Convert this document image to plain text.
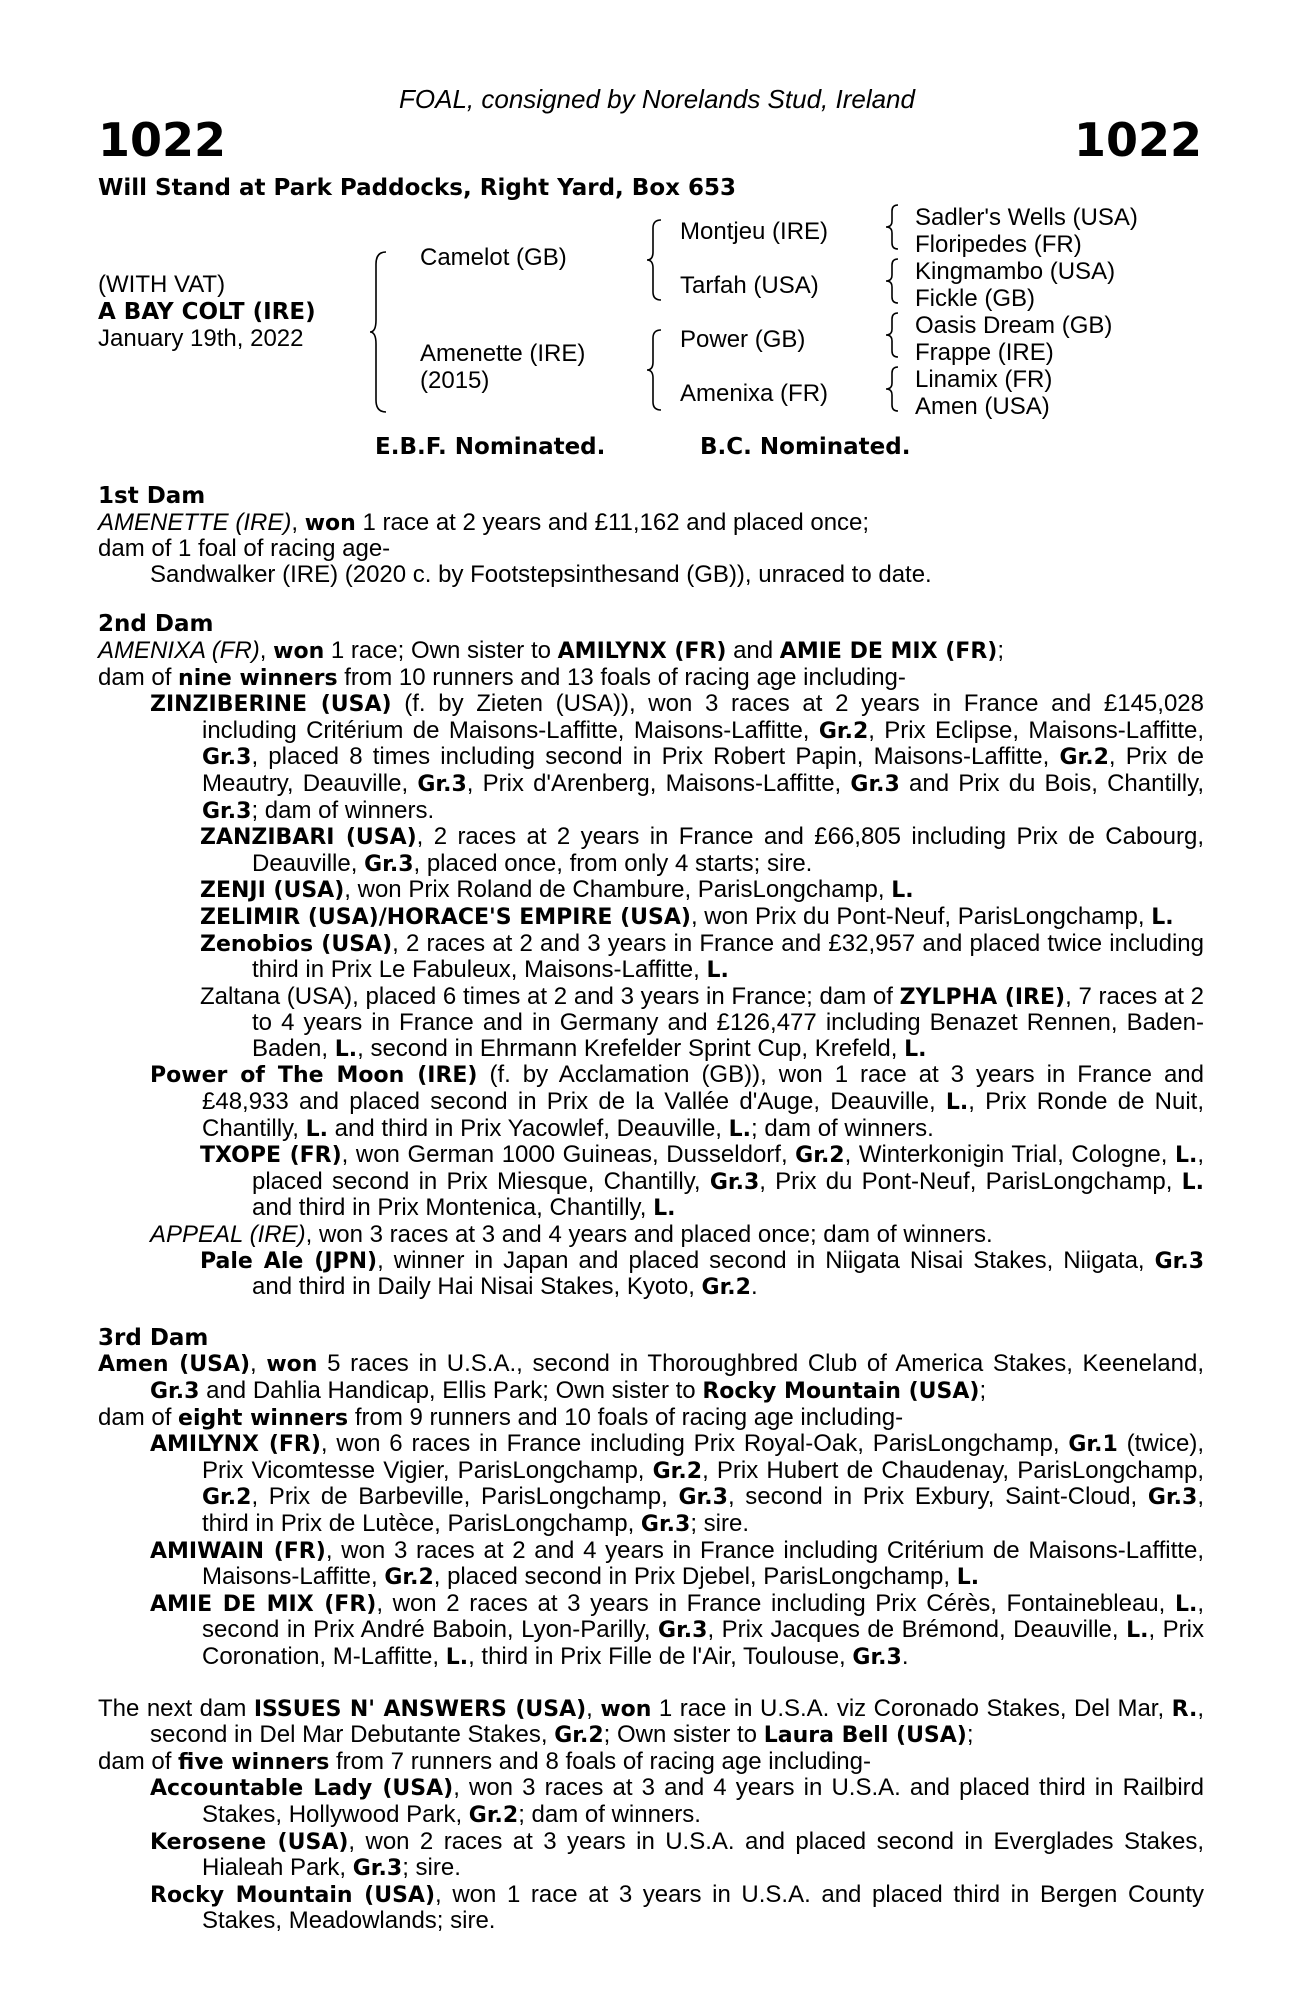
FOAL, consigned by Norelands Stud, Ireland
1022	1022
Will Stand at Park Paddocks, Right Yard, Box 653
(WITH VAT)
A BAY COLT (IRE)
January 19th, 2022
Camelot (GB)
Amenette (IRE)
(2015)
Montjeu (IRE)
Tarfah (USA)
Power (GB)
Amenixa (FR)
Sadler's Wells (USA)
Floripedes (FR)
Kingmambo (USA)
Fickle (GB)
Oasis Dream (GB)
Frappe (IRE)
Linamix (FR)
Amen (USA)
E.B.F. Nominated.	B.C. Nominated.

1st Dam

AMENETTE (IRE), won 1 race at 2 years and £11,162 and placed once;

dam of 1 foal of racing age-

Sandwalker (IRE) (2020 c. by Footstepsinthesand (GB)), unraced to date.

2nd Dam

AMENIXA (FR), won 1 race; Own sister to AMILYNX (FR) and AMIE DE MIX (FR);

dam of nine winners from 10 runners and 13 foals of racing age including-

ZINZIBERINE (USA) (f. by Zieten (USA)), won 3 races at 2 years in France and £145,028 including Critérium de Maisons-Laffitte, Maisons-Laffitte, Gr.2, Prix Eclipse, Maisons-Laffitte, Gr.3, placed 8 times including second in Prix Robert Papin, Maisons-Laffitte, Gr.2, Prix de Meautry, Deauville, Gr.3, Prix d'Arenberg, Maisons-Laffitte, Gr.3 and Prix du Bois, Chantilly, Gr.3; dam of winners.

ZANZIBARI (USA), 2 races at 2 years in France and £66,805 including Prix de Cabourg, Deauville, Gr.3, placed once, from only 4 starts; sire.

ZENJI (USA), won Prix Roland de Chambure, ParisLongchamp, L.

ZELIMIR (USA)/HORACE'S EMPIRE (USA), won Prix du Pont-Neuf, ParisLongchamp, L.

Zenobios (USA), 2 races at 2 and 3 years in France and £32,957 and placed twice including third in Prix Le Fabuleux, Maisons-Laffitte, L.

Zaltana (USA), placed 6 times at 2 and 3 years in France; dam of ZYLPHA (IRE), 7 races at 2 to 4 years in France and in Germany and £126,477 including Benazet Rennen, Baden-Baden, L., second in Ehrmann Krefelder Sprint Cup, Krefeld, L.

Power of The Moon (IRE) (f. by Acclamation (GB)), won 1 race at 3 years in France and £48,933 and placed second in Prix de la Vallée d'Auge, Deauville, L., Prix Ronde de Nuit, Chantilly, L. and third in Prix Yacowlef, Deauville, L.; dam of winners.

TXOPE (FR), won German 1000 Guineas, Dusseldorf, Gr.2, Winterkonigin Trial, Cologne, L., placed second in Prix Miesque, Chantilly, Gr.3, Prix du Pont-Neuf, ParisLongchamp, L. and third in Prix Montenica, Chantilly, L.

APPEAL (IRE), won 3 races at 3 and 4 years and placed once; dam of winners.

Pale Ale (JPN), winner in Japan and placed second in Niigata Nisai Stakes, Niigata, Gr.3 and third in Daily Hai Nisai Stakes, Kyoto, Gr.2.

3rd Dam

Amen (USA), won 5 races in U.S.A., second in Thoroughbred Club of America Stakes, Keeneland, Gr.3 and Dahlia Handicap, Ellis Park; Own sister to Rocky Mountain (USA);

dam of eight winners from 9 runners and 10 foals of racing age including-

AMILYNX (FR), won 6 races in France including Prix Royal-Oak, ParisLongchamp, Gr.1 (twice), Prix Vicomtesse Vigier, ParisLongchamp, Gr.2, Prix Hubert de Chaudenay, ParisLongchamp, Gr.2, Prix de Barbeville, ParisLongchamp, Gr.3, second in Prix Exbury, Saint-Cloud, Gr.3, third in Prix de Lutèce, ParisLongchamp, Gr.3; sire.

AMIWAIN (FR), won 3 races at 2 and 4 years in France including Critérium de Maisons-Laffitte, Maisons-Laffitte, Gr.2, placed second in Prix Djebel, ParisLongchamp, L.

AMIE DE MIX (FR), won 2 races at 3 years in France including Prix Cérès, Fontainebleau, L., second in Prix André Baboin, Lyon-Parilly, Gr.3, Prix Jacques de Brémond, Deauville, L., Prix Coronation, M-Laffitte, L., third in Prix Fille de l'Air, Toulouse, Gr.3.

The next dam ISSUES N' ANSWERS (USA), won 1 race in U.S.A. viz Coronado Stakes, Del Mar, R., second in Del Mar Debutante Stakes, Gr.2; Own sister to Laura Bell (USA);

dam of five winners from 7 runners and 8 foals of racing age including-

Accountable Lady (USA), won 3 races at 3 and 4 years in U.S.A. and placed third in Railbird Stakes, Hollywood Park, Gr.2; dam of winners.

Kerosene (USA), won 2 races at 3 years in U.S.A. and placed second in Everglades Stakes, Hialeah Park, Gr.3; sire.

Rocky Mountain (USA), won 1 race at 3 years in U.S.A. and placed third in Bergen County Stakes, Meadowlands; sire.
